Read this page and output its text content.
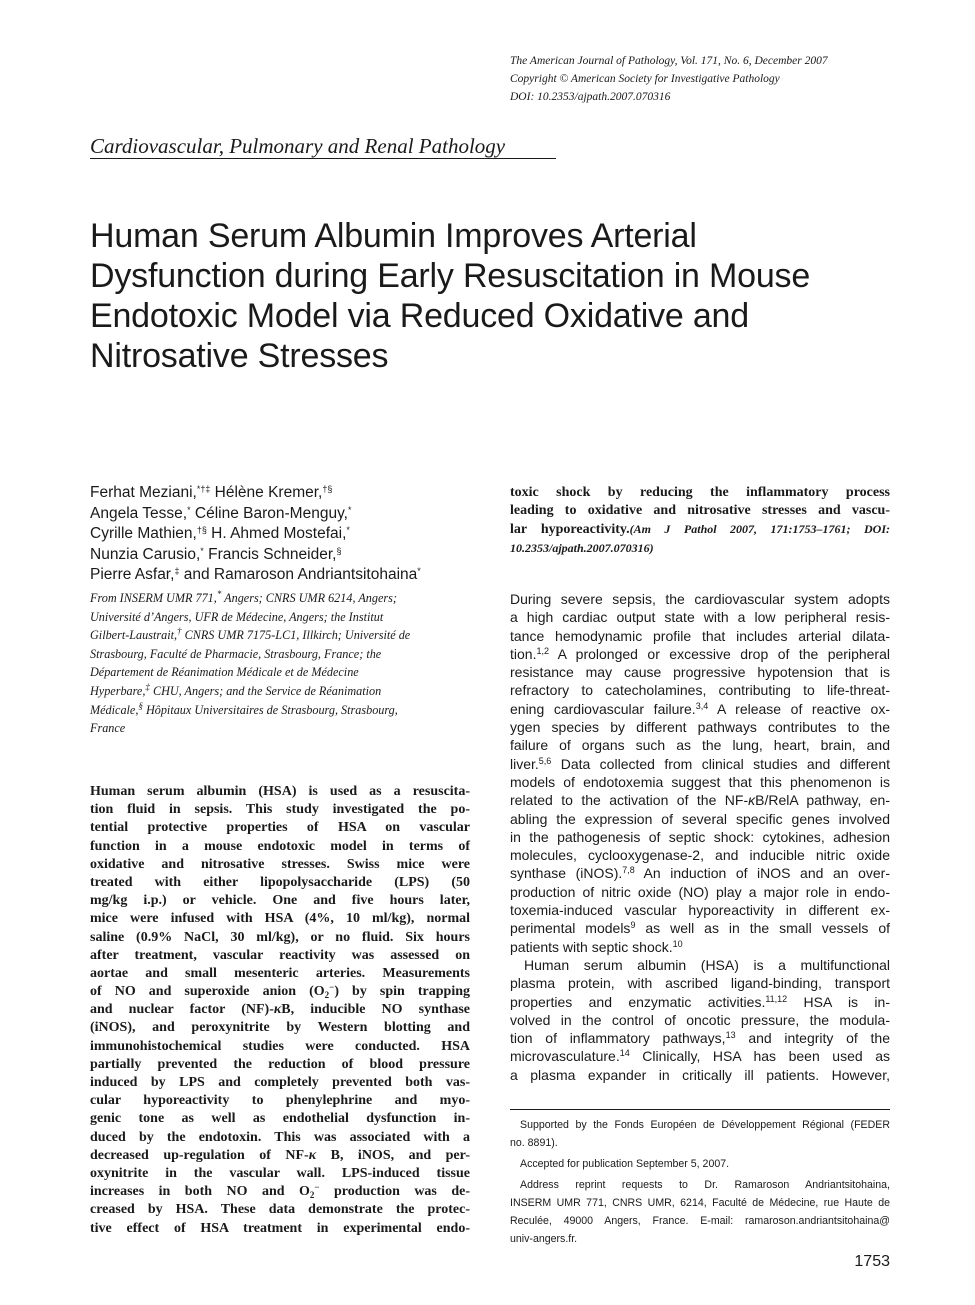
The American Journal of Pathology, Vol. 171, No. 6, December 2007
Copyright © American Society for Investigative Pathology
DOI: 10.2353/ajpath.2007.070316
Cardiovascular, Pulmonary and Renal Pathology
Human Serum Albumin Improves Arterial
Dysfunction during Early Resuscitation in Mouse
Endotoxic Model via Reduced Oxidative and
Nitrosative Stresses
Ferhat Meziani,*†‡ Hélène Kremer,†§
Angela Tesse,* Céline Baron-Menguy,*
Cyrille Mathien,†§ H. Ahmed Mostefai,*
Nunzia Carusio,* Francis Schneider,§
Pierre Asfar,‡ and Ramaroson Andriantsitohaina*
From INSERM UMR 771,* Angers; CNRS UMR 6214, Angers;
Université d’Angers, UFR de Médecine, Angers; the Institut
Gilbert-Laustrait,† CNRS UMR 7175-LC1, Illkirch; Université de
Strasbourg, Faculté de Pharmacie, Strasbourg, France; the
Département de Réanimation Médicale et de Médecine
Hyperbare,‡ CHU, Angers; and the Service de Réanimation
Médicale,§ Hôpitaux Universitaires de Strasbourg, Strasbourg,
France
Human serum albumin (HSA) is used as a resuscita-
tion fluid in sepsis. This study investigated the po-
tential protective properties of HSA on vascular
function in a mouse endotoxic model in terms of
oxidative and nitrosative stresses. Swiss mice were
treated with either lipopolysaccharide (LPS) (50
mg/kg i.p.) or vehicle. One and five hours later,
mice were infused with HSA (4%, 10 ml/kg), normal
saline (0.9% NaCl, 30 ml/kg), or no fluid. Six hours
after treatment, vascular reactivity was assessed on
aortae and small mesenteric arteries. Measurements
of NO and superoxide anion $(O_2^-)$ by spin trapping
and nuclear factor (NF)-κB, inducible NO synthase
(iNOS), and peroxynitrite by Western blotting and
immunohistochemical studies were conducted. HSA
partially prevented the reduction of blood pressure
induced by LPS and completely prevented both vas-
cular hyporeactivity to phenylephrine and myo-
genic tone as well as endothelial dysfunction in-
duced by the endotoxin. This was associated with a
decreased up-regulation of NF-κ B, iNOS, and per-
oxynitrite in the vascular wall. LPS-induced tissue
increases in both NO and $O_2^-$ production was de-
creased by HSA. These data demonstrate the protec-
tive effect of HSA treatment in experimental endo-
toxic shock by reducing the inflammatory process
leading to oxidative and nitrosative stresses and vascu-
lar hyporeactivity.(Am J Pathol 2007, 171:1753–1761; DOI:
10.2353/ajpath.2007.070316)
During severe sepsis, the cardiovascular system adopts
a high cardiac output state with a low peripheral resis-
tance hemodynamic profile that includes arterial dilata-
tion.$^{1,2}$ A prolonged or excessive drop of the peripheral
resistance may cause progressive hypotension that is
refractory to catecholamines, contributing to life-threat-
ening cardiovascular failure.$^{3,4}$ A release of reactive ox-
ygen species by different pathways contributes to the
failure of organs such as the lung, heart, brain, and
liver.$^{5,6}$ Data collected from clinical studies and different
models of endotoxemia suggest that this phenomenon is
related to the activation of the NF-κB/RelA pathway, en-
abling the expression of several specific genes involved
in the pathogenesis of septic shock: cytokines, adhesion
molecules, cyclooxygenase-2, and inducible nitric oxide
synthase (iNOS).$^{7,8}$ An induction of iNOS and an over-
production of nitric oxide (NO) play a major role in endo-
toxemia-induced vascular hyporeactivity in different ex-
perimental models$^9$ as well as in the small vessels of
patients with septic shock.$^{10}$
Human serum albumin (HSA) is a multifunctional
plasma protein, with ascribed ligand-binding, transport
properties and enzymatic activities.$^{11,12}$ HSA is in-
volved in the control of oncotic pressure, the modula-
tion of inflammatory pathways,$^{13}$ and integrity of the
microvasculature.$^{14}$ Clinically, HSA has been used as
a plasma expander in critically ill patients. However,
Supported by the Fonds Européen de Développement Régional (FEDER
no. 8891).
Accepted for publication September 5, 2007.
Address reprint requests to Dr. Ramaroson Andriantsitohaina,
INSERM UMR 771, CNRS UMR, 6214, Faculté de Médecine, rue Haute de
Reculée, 49000 Angers, France. E-mail: ramaroson.andriantsitohaina@
univ-angers.fr.
1753
